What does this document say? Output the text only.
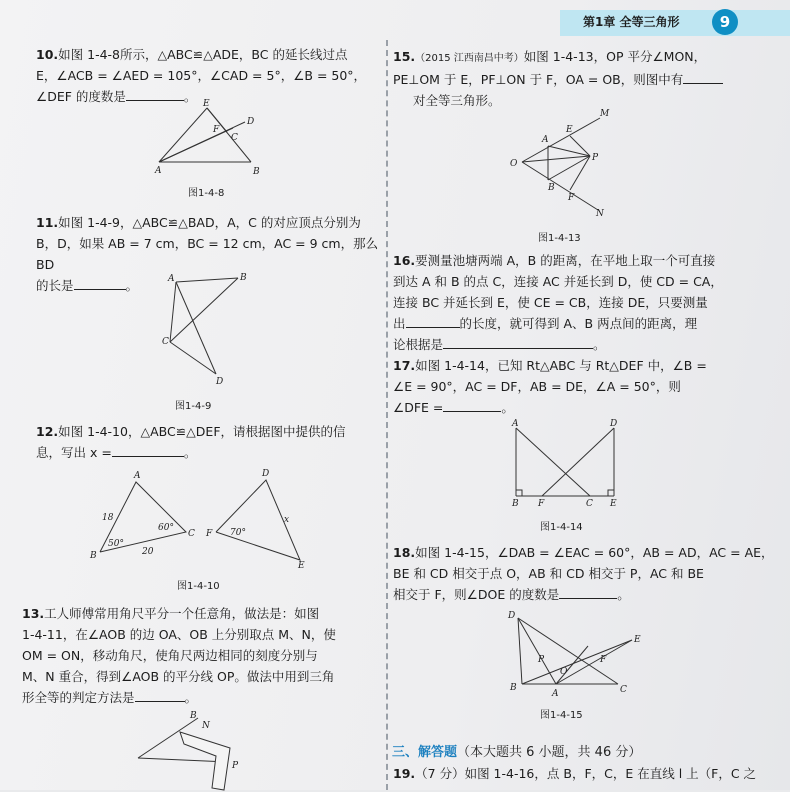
第1章 全等三角形	9
10.如图 1-4-8所示，△ABC≌△ADE，BC 的延长线过点
E，∠ACB = ∠AED = 105°，∠CAD = 5°，∠B = 50°，
∠DEF 的度数是	。
A
E
D
F
C
B
图1-4-8
11.如图 1-4-9，△ABC≌△BAD，A，C 的对应顶点分别为
B，D，如果 AB = 7 cm，BC = 12 cm，AC = 9 cm，那么 BD
的长是	。	A	B
C
D
图1-4-9
12.如图 1-4-10，△ABC≌△DEF，请根据图中提供的信
息，写出 x =	。
A
B
C
D
E
F
18
20
50°
60°	70°
x
图1-4-10
13.工人师傅常用角尺平分一个任意角，做法是：如图
1-4-11，在∠AOB 的边 OA、OB 上分别取点 M、N，使
OM = ON，移动角尺，使角尺两边相同的刻度分别与
M、N 重合，得到∠AOB 的平分线 OP。做法中用到三角
形全等的判定方法是	。
B
N
P
15.（2015 江西南昌中考）如图 1-4-13，OP 平分∠MON，
PE⊥OM 于 E，PF⊥ON 于 F，OA = OB，则图中有
对全等三角形。
M
E
A
O
P
B
F
N
图1-4-13
16.要测量池塘两端 A，B 的距离，在平地上取一个可直接
到达 A 和 B 的点 C，连接 AC 并延长到 D，使 CD = CA，
连接 BC 并延长到 E，使 CE = CB，连接 DE，只要测量
出	的长度，就可得到 A、B 两点间的距离，理
论根据是	。
17.如图 1-4-14，已知 Rt△ABC 与 Rt△DEF 中，∠B =
∠E = 90°，AC = DF，AB = DE，∠A = 50°，则
∠DFE =	。
A
B F	C
D
E
图1-4-14
18.如图 1-4-15，∠DAB = ∠EAC = 60°，AB = AD，AC = AE，
BE 和 CD 相交于点 O，AB 和 CD 相交于 P，AC 和 BE
相交于 F，则∠DOE 的度数是	。
D
E
P
O
F
B
A	C
图1-4-15
三、解答题（本大题共 6 小题，共 46 分）
19.（7 分）如图 1-4-16，点 B，F，C，E 在直线 l 上（F，C 之
